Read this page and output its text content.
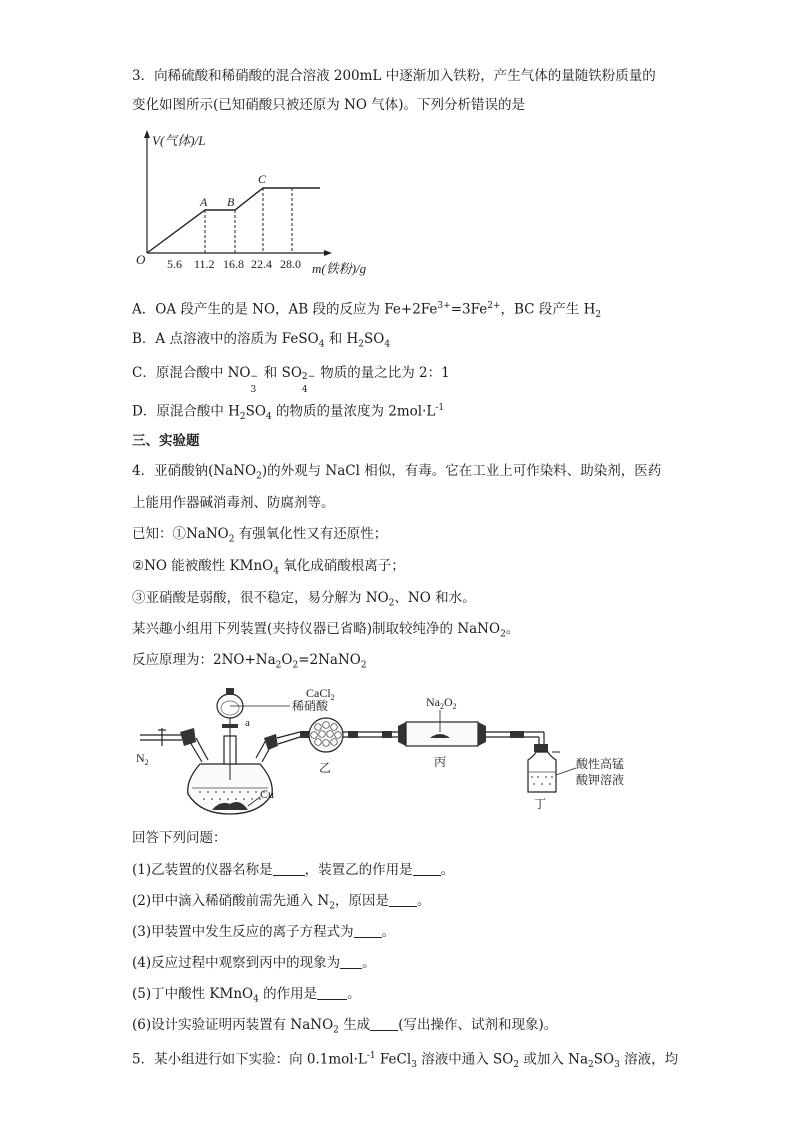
3．向稀硫酸和稀硝酸的混合溶液 200mL 中逐渐加入铁粉，产生气体的量随铁粉质量的
变化如图所示(已知硝酸只被还原为 NO 气体)。下列分析错误的是
V(气体)/L
O
A B
C
5.6 11.2 16.8 22.4 28.0 m(铁粉)/g
A．OA 段产生的是 NO，AB 段的反应为 $Fe+2Fe^{3+}=3Fe^{2+}$，BC 段产生 $H_2$
B．A 点溶液中的溶质为 FeSO$_4$ 和 $H_2SO_4$
C．原混合酸中 NO −
3
和 SO 2−
4
物质的量之比为 2：1
D．原混合酸中 $H_2SO_4$ 的物质的量浓度为 $2mol\cdot L^{-1}$
三、实验题
4．亚硝酸钠(NaNO$_2$)的外观与 NaCl 相似，有毒。它在工业上可作染料、助染剂，医药
上能用作器碱消毒剂、防腐剂等。
已知：①NaNO$_2$ 有强氧化性又有还原性；
②NO 能被酸性 KMnO$_4$ 氧化成硝酸根离子；
③亚硝酸是弱酸，很不稳定，易分解为 $NO_2$、NO 和水。
某兴趣小组用下列装置(夹持仪器已省略)制取较纯净的 NaNO$_2$。
反应原理为：$2NO+Na_2O_2=2NaNO_2$
$N_2$
Cu
稀硝酸
a
CaCl$_2$
乙
$Na_2O_2$
丙	酸性高锰
酸钾溶液
丁
回答下列问题：
(1)乙装置的仪器名称是 ，装置乙的作用是 。
(2)甲中滴入稀硝酸前需先通入 $N_2$，原因是 。
(3)甲装置中发生反应的离子方程式为 。
(4)反应过程中观察到丙中的现象为 。
(5)丁中酸性 KMnO$_4$ 的作用是 。
(6)设计实验证明丙装置有 NaNO$_2$ 生成 (写出操作、试剂和现象)。
5．某小组进行如下实验：向 $0.1mol\cdot L^{-1}$ FeCl$_3$ 溶液中通入 $SO_2$ 或加入 $Na_2SO_3$ 溶液，均
